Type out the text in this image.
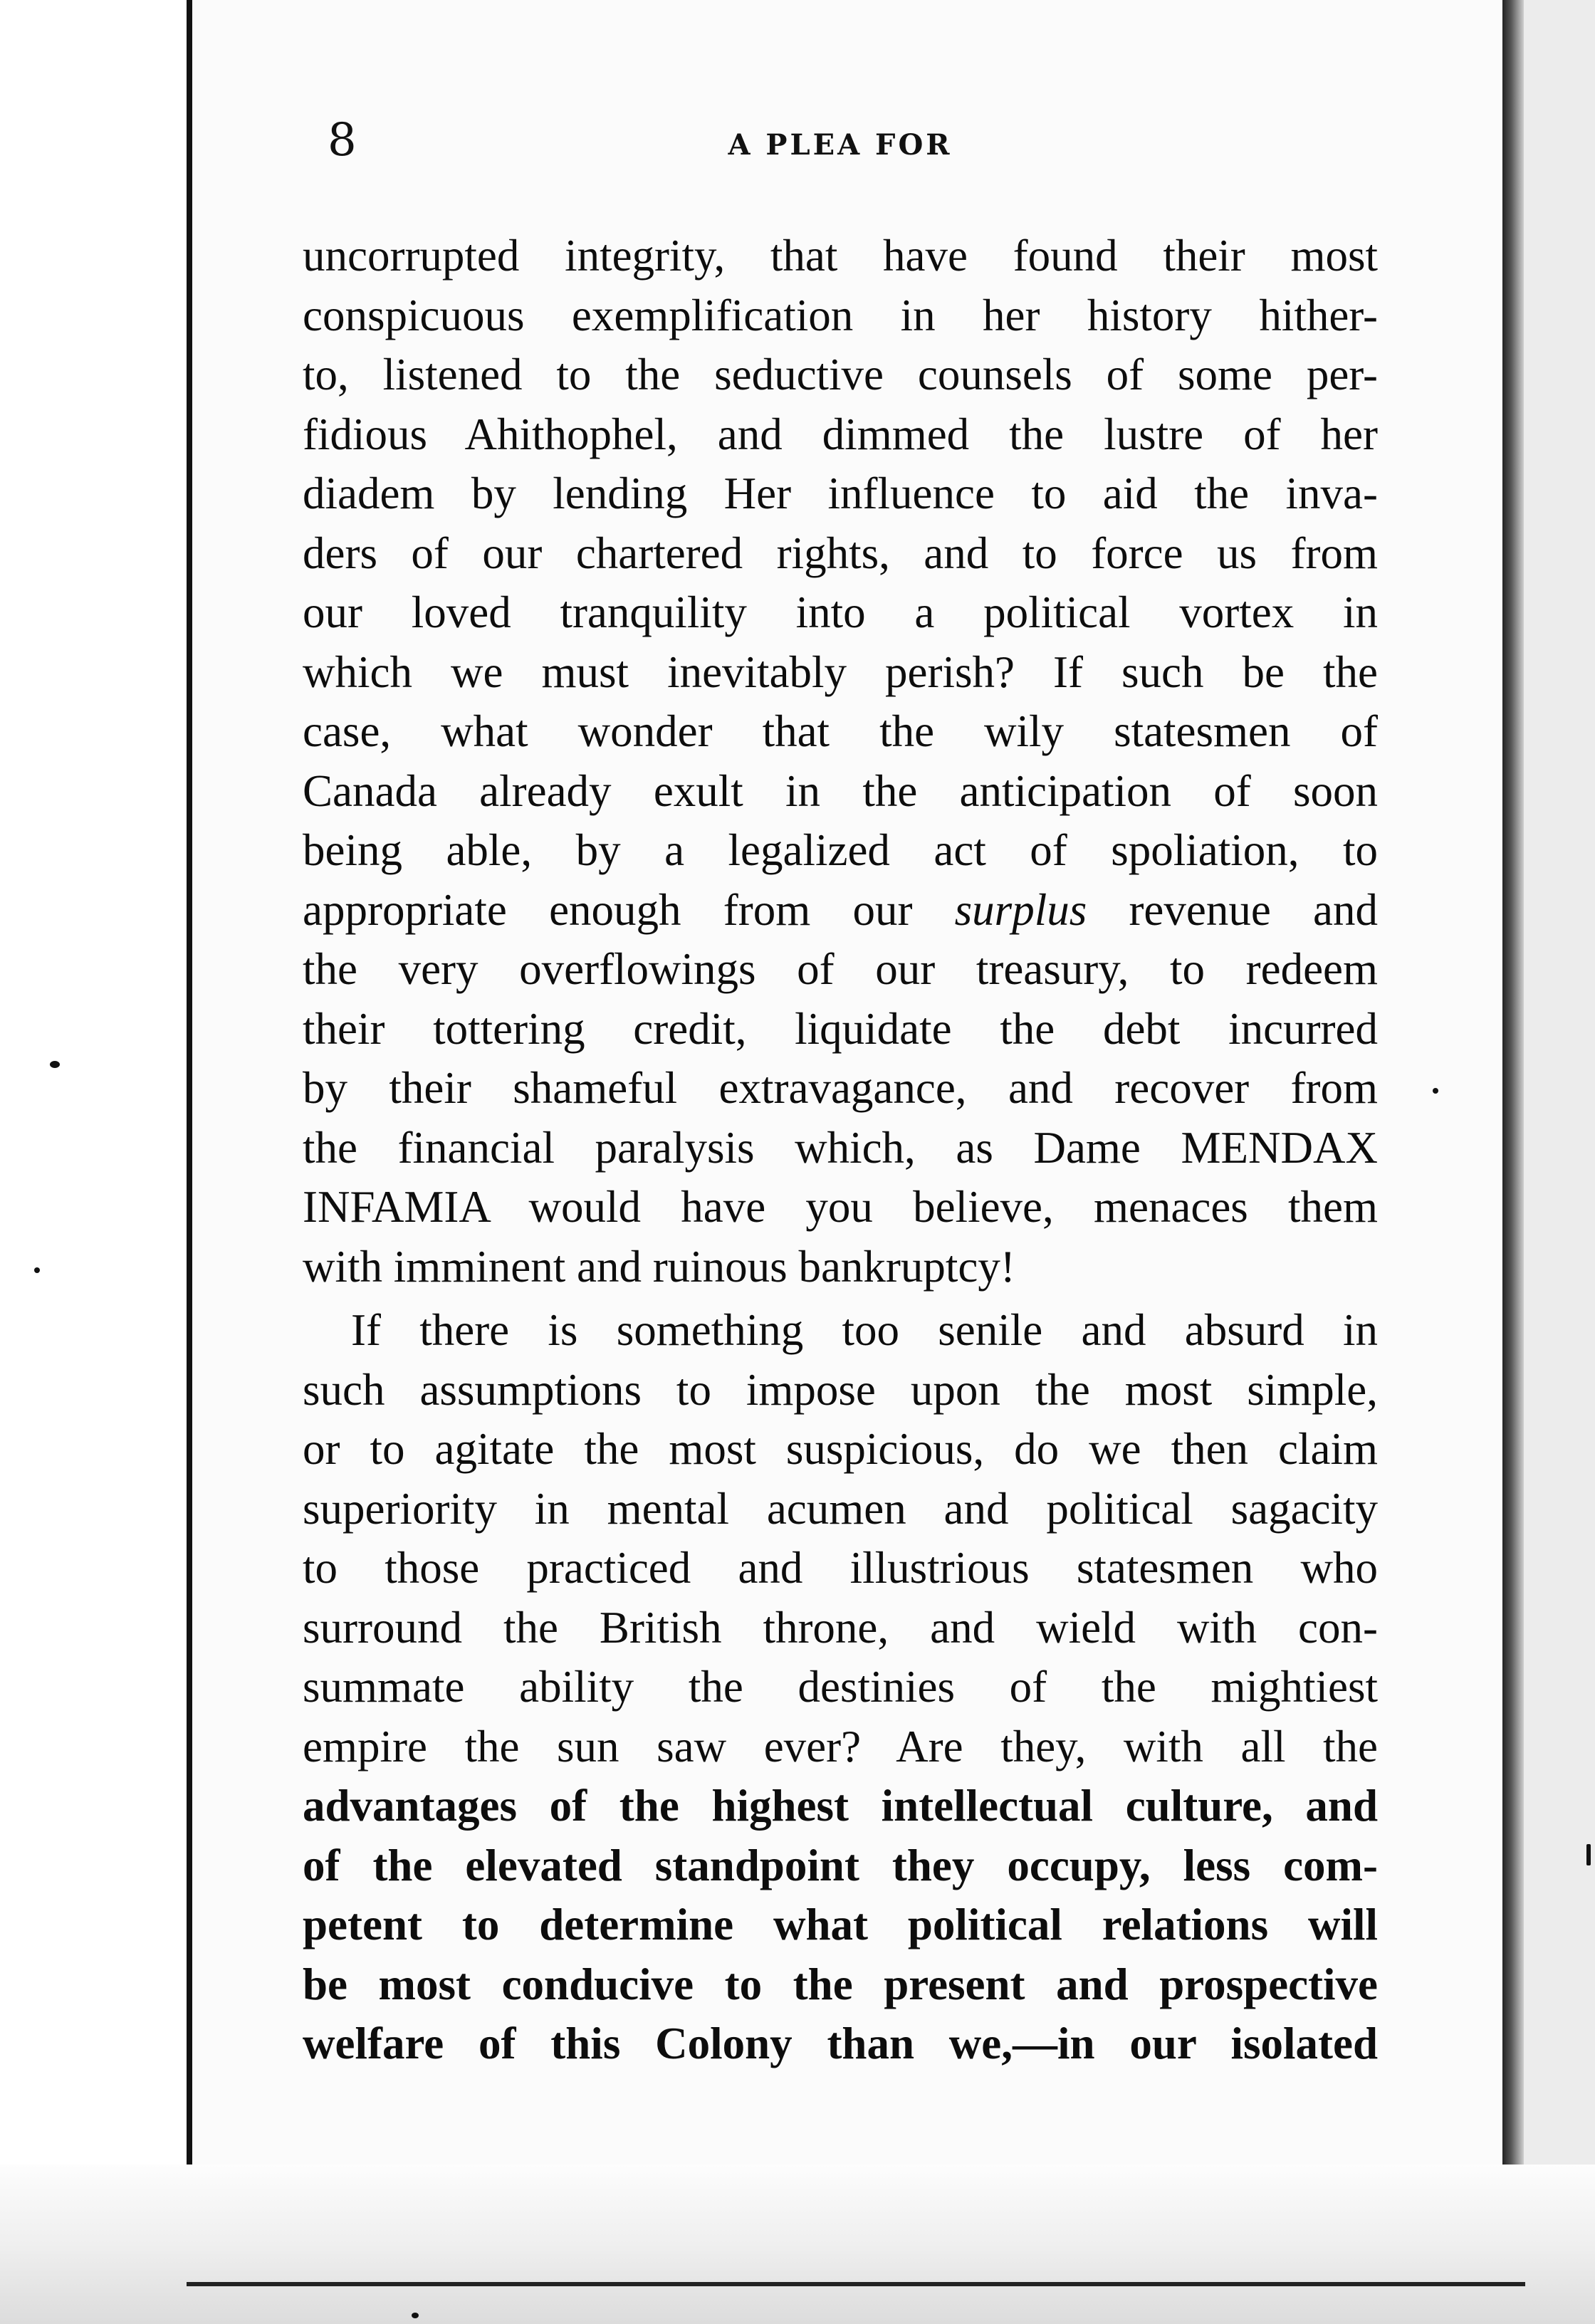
8	A PLEA FOR
uncorrupted integrity, that have found their most
conspicuous exemplification in her history hither-
to, listened to the seductive counsels of some per-
fidious Ahithophel, and dimmed the lustre of her
diadem by lending Her influence to aid the inva-
ders of our chartered rights, and to force us from
our loved tranquility into a political vortex in
which we must inevitably perish? If such be the
case, what wonder that the wily statesmen of
Canada already exult in the anticipation of soon
being able, by a legalized act of spoliation, to
appropriate enough from our surplus revenue and
the very overflowings of our treasury, to redeem
their tottering credit, liquidate the debt incurred
by their shameful extravagance, and recover from
the financial paralysis which, as Dame MENDAX
INFAMIA would have you believe, menaces them
with imminent and ruinous bankruptcy!
If there is something too senile and absurd in
such assumptions to impose upon the most simple,
or to agitate the most suspicious, do we then claim
superiority in mental acumen and political sagacity
to those practiced and illustrious statesmen who
surround the British throne, and wield with con-
summate ability the destinies of the mightiest
empire the sun saw ever? Are they, with all the
advantages of the highest intellectual culture, and
of the elevated standpoint they occupy, less com-
petent to determine what political relations will
be most conducive to the present and prospective
welfare of this Colony than we,—in our isolated
